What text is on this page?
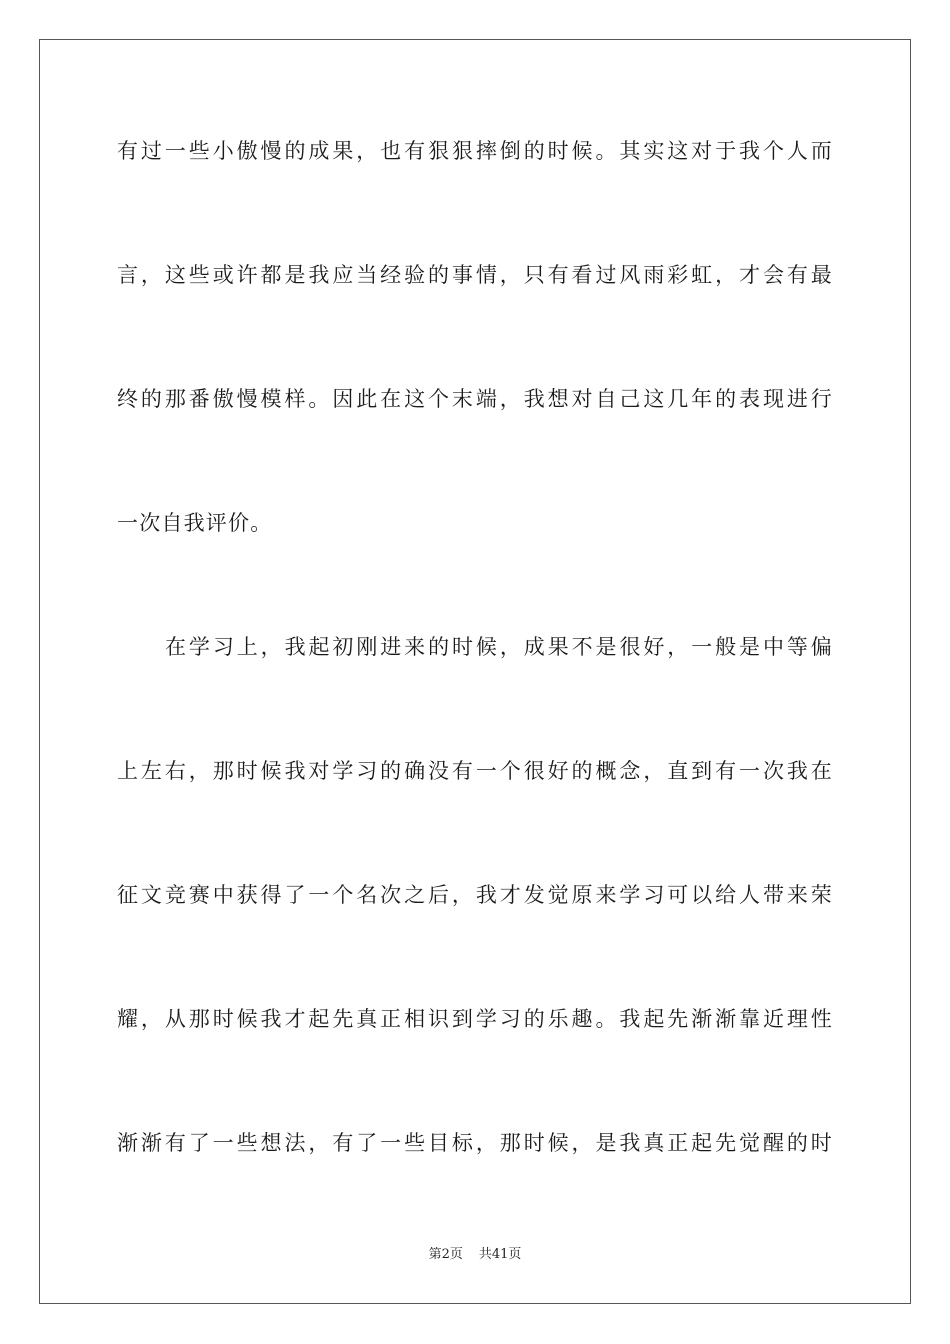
有过一些小傲慢的成果，也有狠狠摔倒的时候。其实这对于我个人而

言，这些或许都是我应当经验的事情，只有看过风雨彩虹，才会有最

终的那番傲慢模样。因此在这个末端，我想对自己这几年的表现进行

一次自我评价。

在学习上，我起初刚进来的时候，成果不是很好，一般是中等偏

上左右，那时候我对学习的确没有一个很好的概念，直到有一次我在

征文竞赛中获得了一个名次之后，我才发觉原来学习可以给人带来荣

耀，从那时候我才起先真正相识到学习的乐趣。我起先渐渐靠近理性

渐渐有了一些想法，有了一些目标，那时候，是我真正起先觉醒的时

第2页 共41页
